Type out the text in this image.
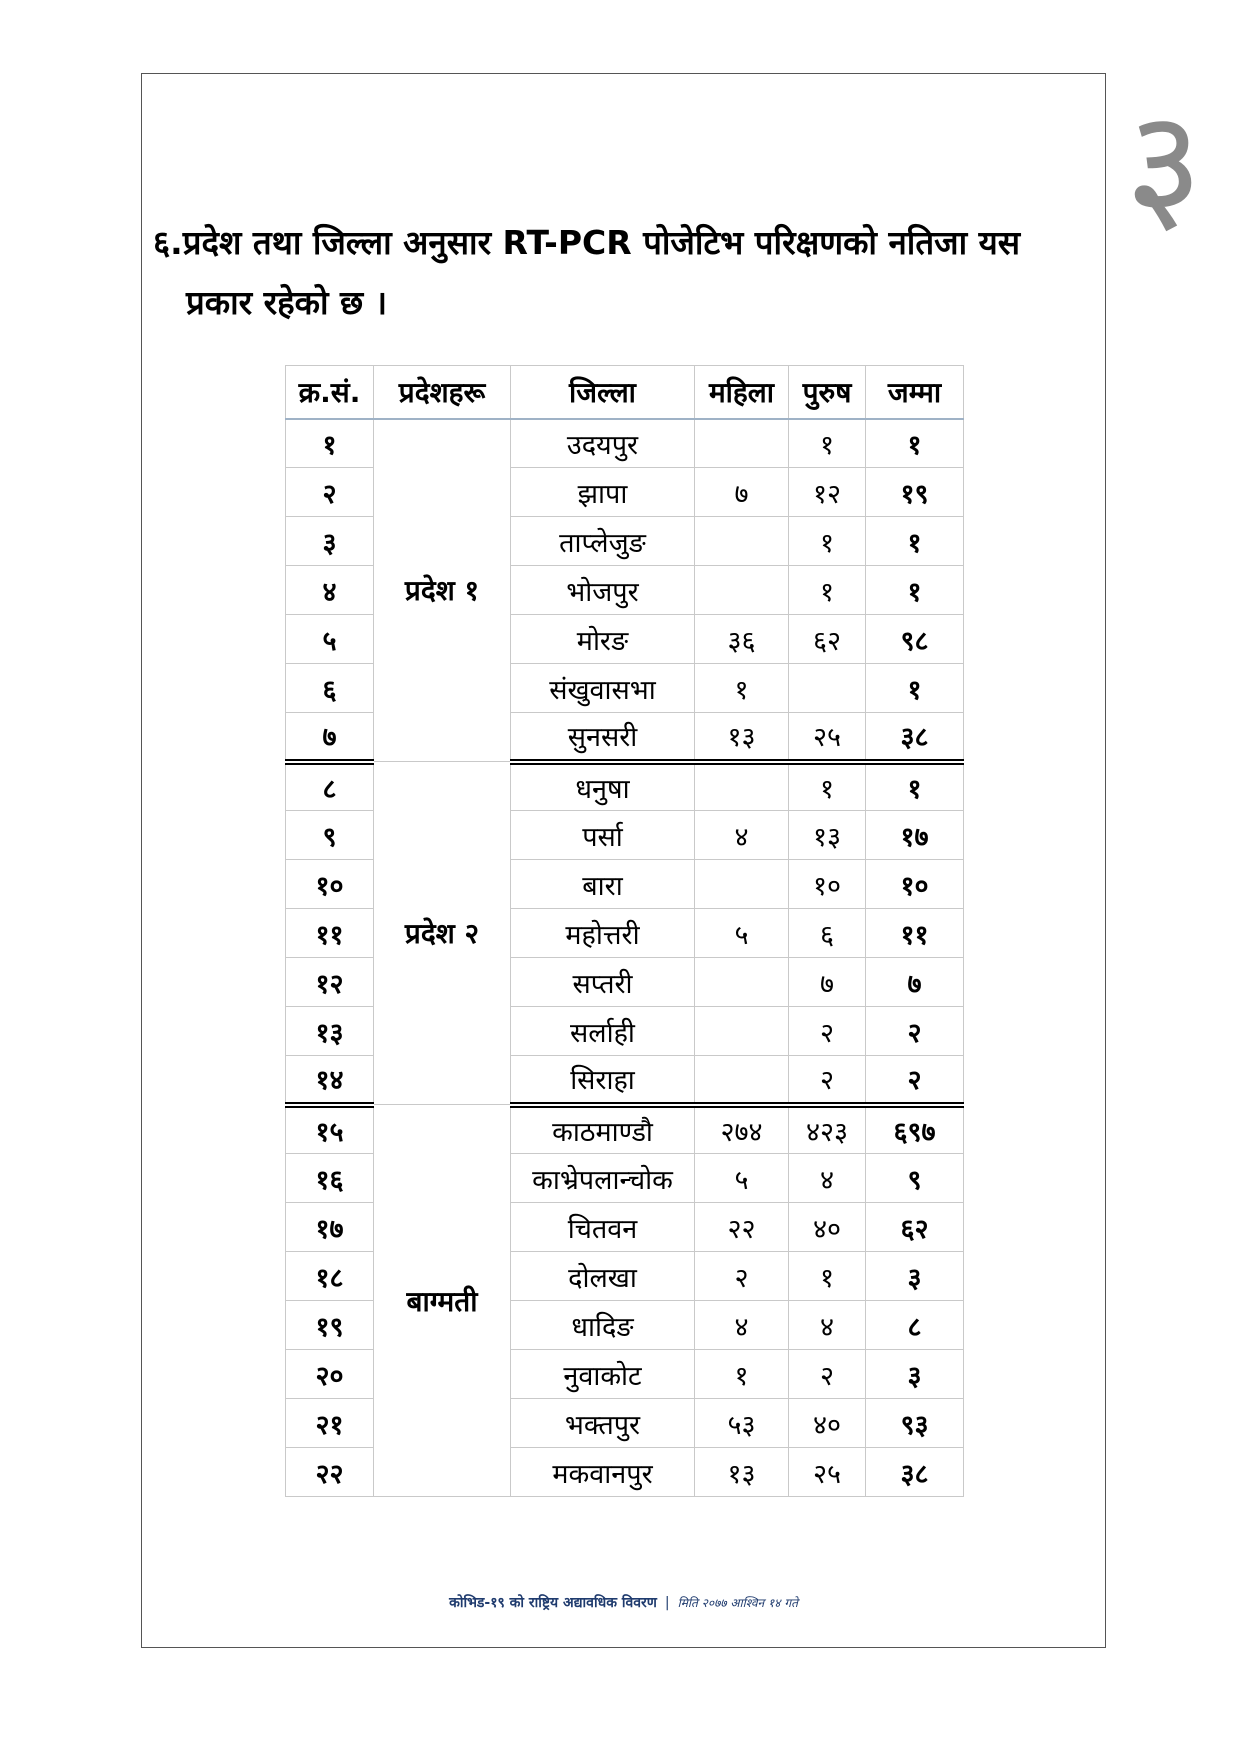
३
६.प्रदेश तथा जिल्ला अनुसार RT-PCR पोजेटिभ परिक्षणको नतिजा यस
प्रकार रहेको छ ।
क्र.सं.	प्रदेशहरू	जिल्ला	महिला	पुरुष	जम्मा
१	प्रदेश १	उदयपुर		१	१
२		झापा	७	१२	१९
३		ताप्लेजुङ		१	१
४		भोजपुर		१	१
५		मोरङ	३६	६२	९८
६		संखुवासभा	१		१
७		सुनसरी	१३	२५	३८
८	प्रदेश २	धनुषा		१	१
९		पर्सा	४	१३	१७
१०		बारा		१०	१०
११		महोत्तरी	५	६	११
१२		सप्तरी		७	७
१३		सर्लाही		२	२
१४		सिराहा		२	२
१५	बाग्मती	काठमाण्डौ	२७४	४२३	६९७
१६		काभ्रेपलान्चोक	५	४	९
१७		चितवन	२२	४०	६२
१८		दोलखा	२	१	३
१९		धादिङ	४	४	८
२०		नुवाकोट	१	२	३
२१		भक्तपुर	५३	४०	९३
२२		मकवानपुर	१३	२५	३८
कोभिड-१९ को राष्ट्रिय अद्यावधिक विवरण | मिति २०७७ आश्विन १४ गते
